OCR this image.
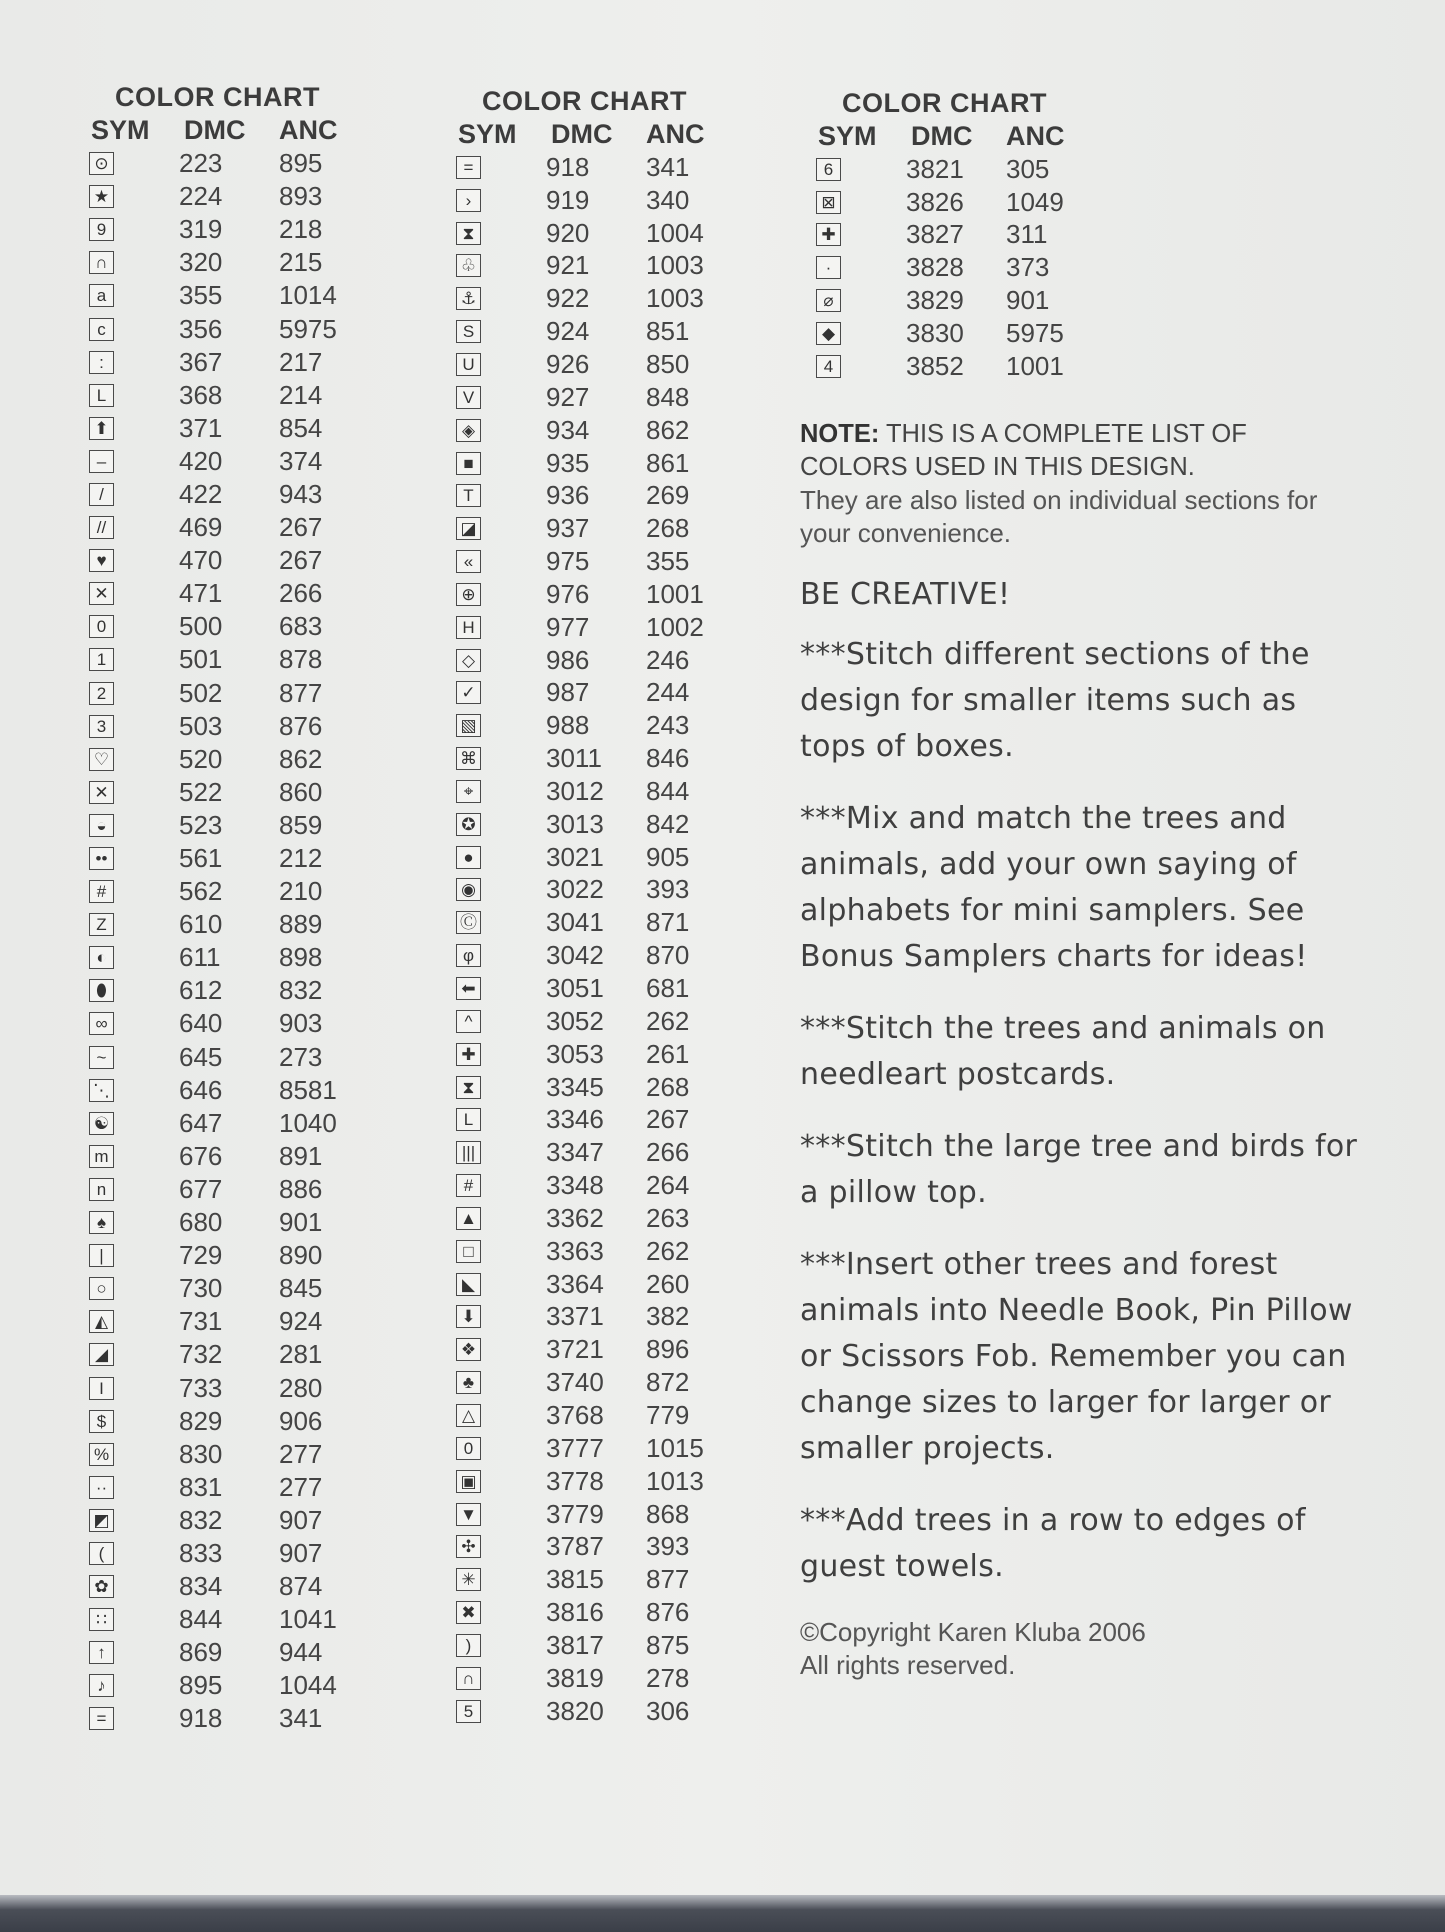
COLOR CHART
SYM	DMC	ANC
⊙	223	895
★	224	893
9	319	218
∩	320	215
a	355	1014
c	356	5975
:	367	217
L	368	214
⬆	371	854
–	420	374
/	422	943
//	469	267
♥	470	267
✕	471	266
0	500	683
1	501	878
2	502	877
3	503	876
♡	520	862
✕	522	860
◒	523	859
••	561	212
#	562	210
Z	610	889
◐	611	898
⬮	612	832
∞	640	903
~	645	273
⋱	646	8581
☯	647	1040
m	676	891
n	677	886
♠	680	901
|	729	890
○	730	845
◭	731	924
◢	732	281
I	733	280
$	829	906
%	830	277
··	831	277
◩	832	907
(	833	907
✿	834	874
∷	844	1041
↑	869	944
♪	895	1044
=	918	341
COLOR CHART
SYM	DMC	ANC
=	918	341
›	919	340
⧗	920	1004
♧	921	1003
⚓	922	1003
S	924	851
U	926	850
V	927	848
◈	934	862
■	935	861
T	936	269
◪	937	268
«	975	355
⊕	976	1001
H	977	1002
◇	986	246
✓	987	244
▧	988	243
⌘	3011	846
⌖	3012	844
✪	3013	842
●	3021	905
◉	3022	393
Ⓒ	3041	871
φ	3042	870
⬅	3051	681
^	3052	262
✚	3053	261
⧗	3345	268
L	3346	267
|||	3347	266
#	3348	264
▲	3362	263
□	3363	262
◣	3364	260
⬇	3371	382
❖	3721	896
♣	3740	872
△	3768	779
0	3777	1015
▣	3778	1013
▼	3779	868
✣	3787	393
✳	3815	877
✖	3816	876
)	3817	875
∩	3819	278
5	3820	306
COLOR CHART
SYM	DMC	ANC
6	3821	305
⊠	3826	1049
✚	3827	311
·	3828	373
⌀	3829	901
◆	3830	5975
4	3852	1001
NOTE: THIS IS A COMPLETE LIST OF COLORS USED IN THIS DESIGN.
They are also listed on individual sections for your convenience.
BE CREATIVE!
***Stitch different sections of the design for smaller items such as tops of boxes.
***Mix and match the trees and animals, add your own saying of alphabets for mini samplers. See Bonus Samplers charts for ideas!
***Stitch the trees and animals on needleart postcards.
***Stitch the large tree and birds for a pillow top.
***Insert other trees and forest animals into Needle Book, Pin Pillow or Scissors Fob. Remember you can change sizes to larger for larger or smaller projects.
***Add trees in a row to edges of guest towels.
©Copyright Karen Kluba 2006
All rights reserved.
